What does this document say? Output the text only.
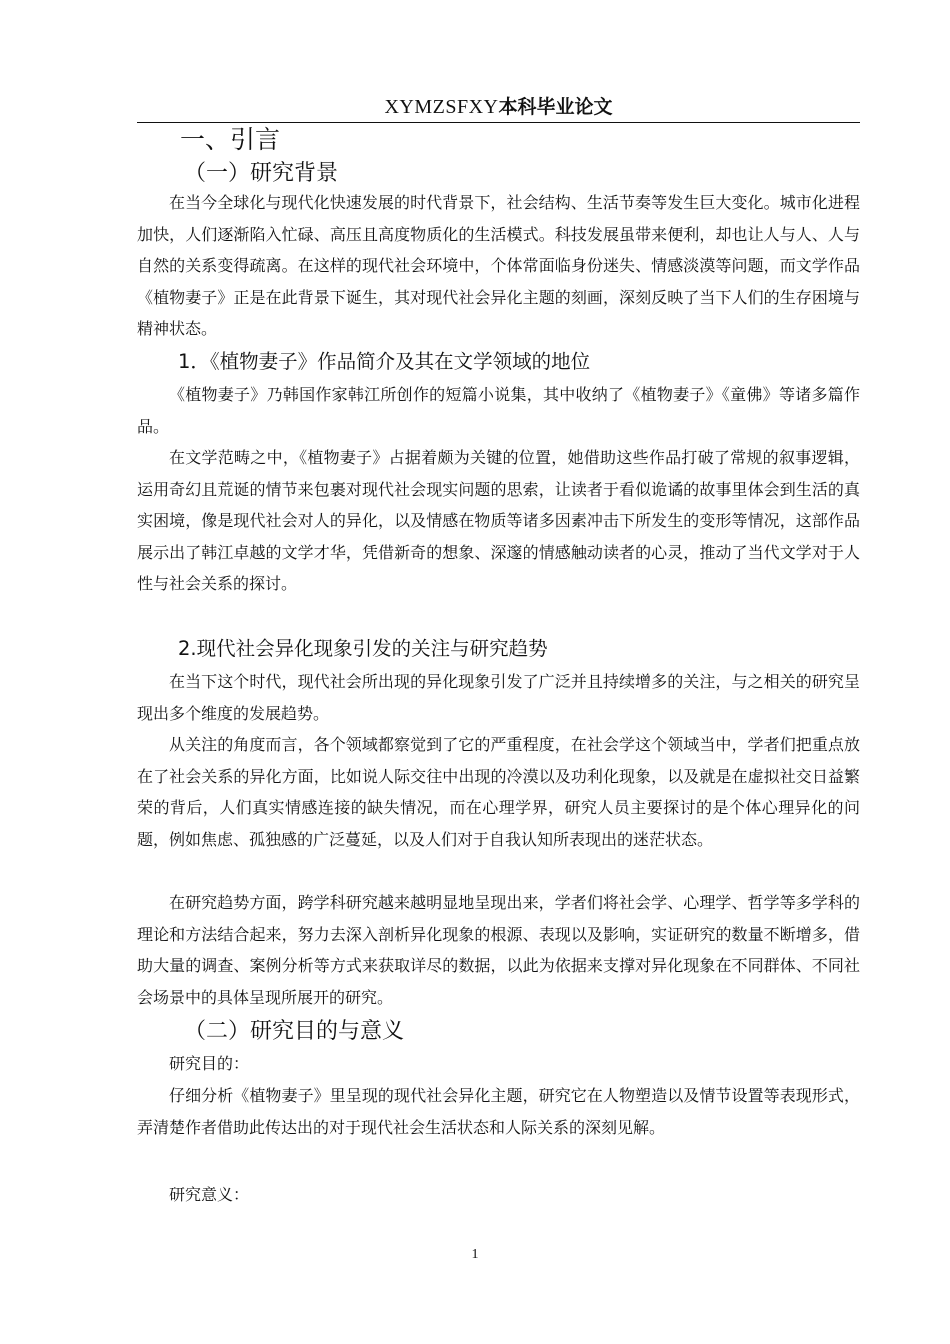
XYMZSFXY本科毕业论文
一、引言
（一）研究背景

在当今全球化与现代化快速发展的时代背景下，社会结构、生活节奏等发生巨大变化。城市化进程加快，人们逐渐陷入忙碌、高压且高度物质化的生活模式。科技发展虽带来便利，却也让人与人、人与自然的关系变得疏离。在这样的现代社会环境中，个体常面临身份迷失、情感淡漠等问题，而文学作品《植物妻子》正是在此背景下诞生，其对现代社会异化主题的刻画，深刻反映了当下人们的生存困境与精神状态。

1．《植物妻子》作品简介及其在文学领域的地位

《植物妻子》乃韩国作家韩江所创作的短篇小说集，其中收纳了《植物妻子》《童佛》等诸多篇作品。

在文学范畴之中，《植物妻子》占据着颇为关键的位置，她借助这些作品打破了常规的叙事逻辑，运用奇幻且荒诞的情节来包裹对现代社会现实问题的思索，让读者于看似诡谲的故事里体会到生活的真实困境，像是现代社会对人的异化，以及情感在物质等诸多因素冲击下所发生的变形等情况，这部作品展示出了韩江卓越的文学才华，凭借新奇的想象、深邃的情感触动读者的心灵，推动了当代文学对于人性与社会关系的探讨。

2.现代社会异化现象引发的关注与研究趋势

在当下这个时代，现代社会所出现的异化现象引发了广泛并且持续增多的关注，与之相关的研究呈现出多个维度的发展趋势。

从关注的角度而言，各个领域都察觉到了它的严重程度，在社会学这个领域当中，学者们把重点放在了社会关系的异化方面，比如说人际交往中出现的冷漠以及功利化现象，以及就是在虚拟社交日益繁荣的背后，人们真实情感连接的缺失情况，而在心理学界，研究人员主要探讨的是个体心理异化的问题，例如焦虑、孤独感的广泛蔓延，以及人们对于自我认知所表现出的迷茫状态。

在研究趋势方面，跨学科研究越来越明显地呈现出来，学者们将社会学、心理学、哲学等多学科的理论和方法结合起来，努力去深入剖析异化现象的根源、表现以及影响，实证研究的数量不断增多，借助大量的调查、案例分析等方式来获取详尽的数据，以此为依据来支撑对异化现象在不同群体、不同社会场景中的具体呈现所展开的研究。

（二）研究目的与意义

研究目的：

仔细分析《植物妻子》里呈现的现代社会异化主题，研究它在人物塑造以及情节设置等表现形式，弄清楚作者借助此传达出的对于现代社会生活状态和人际关系的深刻见解。

研究意义：

1
